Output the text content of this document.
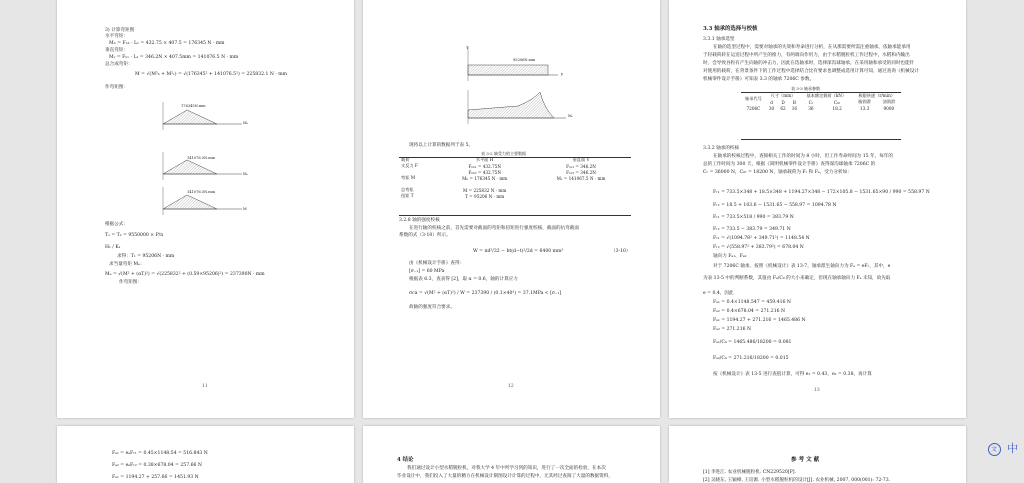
3) 计算弯矩图
水平弯矩：
Mₕ = Fₙₕ · L₁ = 432.75 × 407.5 = 176345 N · mm
垂直弯矩：
Mᵥ = Fₙᵥ · L₁ = 346.2N × 407.5mm = 141076.5 N · mm
总合成弯矩：
M = √(M²ₕ + M²ᵥ) = √(176345² + 141076.5²) = 225832.1 N · mm
作弯矩图：
176345N.mm
Mₕ
141076.5N.mm
Mᵥ
141076.5N.mm
M
根据公式：
T₁ = T₂ = 9550000 × P/n
H₁ / K₁
求得：T₁ = 95206N · mm
求当量弯矩 Mₑ：
Mₑ = √(M² + (αT)²) = √(225832² + (0.59×95206)²) = 237390N · mm
作弯矩图：
11
95206N.mm
T
y
Mₑ
现将以上计算的数据列于表 5。
表 3-2 轴受力的主要数据
载荷	水平面 H	垂直面 V
支反力 F	Fₙₕ₁ = 432.75N	Fₙᵥ₁ = 346.2N
	Fₙₕ₂ = 432.75N	Fₙᵥ₂ = 346.2N
弯矩 M	Mₕ = 176345 N · mm	Mᵥ = 141067.5 N · mm

总弯矩	M = 225832 N · mm	
扭矩 T	T = 95206 N · mm	
3.2.8 轴的强度校核
在进行轴的校核之前，首先需要对截面的弯矩和扭矩进行强度校核，截面的抗弯截面
系数的式（3-10）所示。
W = πd³/32 − bt(d−t)²/2d = 6400 mm³	（3-10）
由《机械设计手册》查得：
[σ₋₁] = 60 MPa
根据表 6.3，查表得 [2]，取 α = 0.6，轴的计算应力
σca = √(M² + (αT)²) / W = 237390 / (0.1×40³) = 37.1MPa < [σ₋₁]
故轴的强度符合要求。
12
3.3 轴承的选择与校核
3.3.1 轴承选型
在轴的选型过程中，需要对轴承的失效和寿命进行分析，在从那需要所需注重轴承，依轴承能承用
于轻载荷转在运送过程中所产生的推力，有两端向作用力，由于水稻脱粒机工作过程中，水稻和内输出
时，会导致谷粒有产生向轴的冲击力，因此在选轴承时，选择深沟球轴承，在采用轴和承受的同时也能针
对使用的载荷，在背景条件下的工作过程中选择结合比有要求也调整成选用计算可知，通过查询《机械设计
机械零件设计手册》可知表 3.3 的轴承 7206C 参数。
表 3-3 轴承参数
轴承代号	尺寸（mm）			基本额定载荷（kN）		极限转速（r/min）	
	d	D	B	Cᵣ	C₀ᵣ	脂润滑	油润滑
7206C	30	62	16	36	18.2	13.3	9000
3.3.2 轴承的校核
在轴承的校核过程中，查阅相关工作的时间为 8 小时，但工作寿命时间为 15 年，每年的
总的工作时间为 300 天，根据《简明机械零件设计手册》查得深沟球轴承 7206C 的
Cᵣ = 36000 N，C₀ᵣ = 18200 N，轴承载荷为 Fᵣ 和 Fₐ，受力分析如：
Fᵣ₁ = 733.5×348 + 18.5×348 + 1194.27×348 − 172×105.8 − 1531.65×90 / 990 = 558.97 N
Fᵣ₂ = 18.5 + 103.6 − 1531.65 − 558.97 = 1094.78 N
Fᵣ₁ = 733.5×518 / 990 = 383.79 N
Fᵣ₂ = 733.5 − 383.79 = 349.71 N
Fᵣ₁ = √(1094.78² + 349.71²) = 1148.54 N
Fᵣ₂ = √(558.97² + 383.79²) = 678.04 N
轴向力 Fₐ₁、Fₐ₂
对于 7206C 轴承，按照《机械设计》表 13-7，轴承派生轴向力为 Fₐ = eFᵣ，其中，e
为表 13-5 中的判断系数，其值由 Fₐ/C₀ 的大小来确定，但现在轴承轴向力 Fₐ 未知，故先取
e = 0.4，因此
Fₐ₁ = 0.4×1148.547 = 459.416 N
Fₐ₂ = 0.4×678.04 = 271.216 N
Fₐ₁ = 1194.27 + 271.216 = 1465.486 N
Fₐ₂ = 271.216 N
Fₐ₁/C₀ = 1465.486/18200 = 0.081
Fₐ₂/C₀ = 271.216/18200 = 0.015
按《机械设计》表 13-5 进行查值计算，可得 e₁ = 0.43，e₂ = 0.38，再计算
13
Fₐ₁ = eₐFᵣ₁ = 0.45×1148.54 = 516.843 N
Fₐ₂ = eₐFᵣ₂ = 0.38×678.04 = 257.66 N
Fₐ₁ = 1194.27 + 257.66 = 1451.93 N
4 结论
我们通过设计小型水稻脱粒机，对我大学 4 年中所学习到的知识，进行了一次全面的检验，在本次
毕业设计中，我们投入了大量的精力在机械设计制图设计计算的过程中，尤其经过查阅了大量的数据资料，
参 考 文 献
[1] 李进江. 农业机械脱粒机. CN229520[P].
[2] 吴晓东, 王颖峰, 王培源. 小型水稻脱粒机的设计[J]. 农业机械, 2007, 000(001): 72-73.
文 中
